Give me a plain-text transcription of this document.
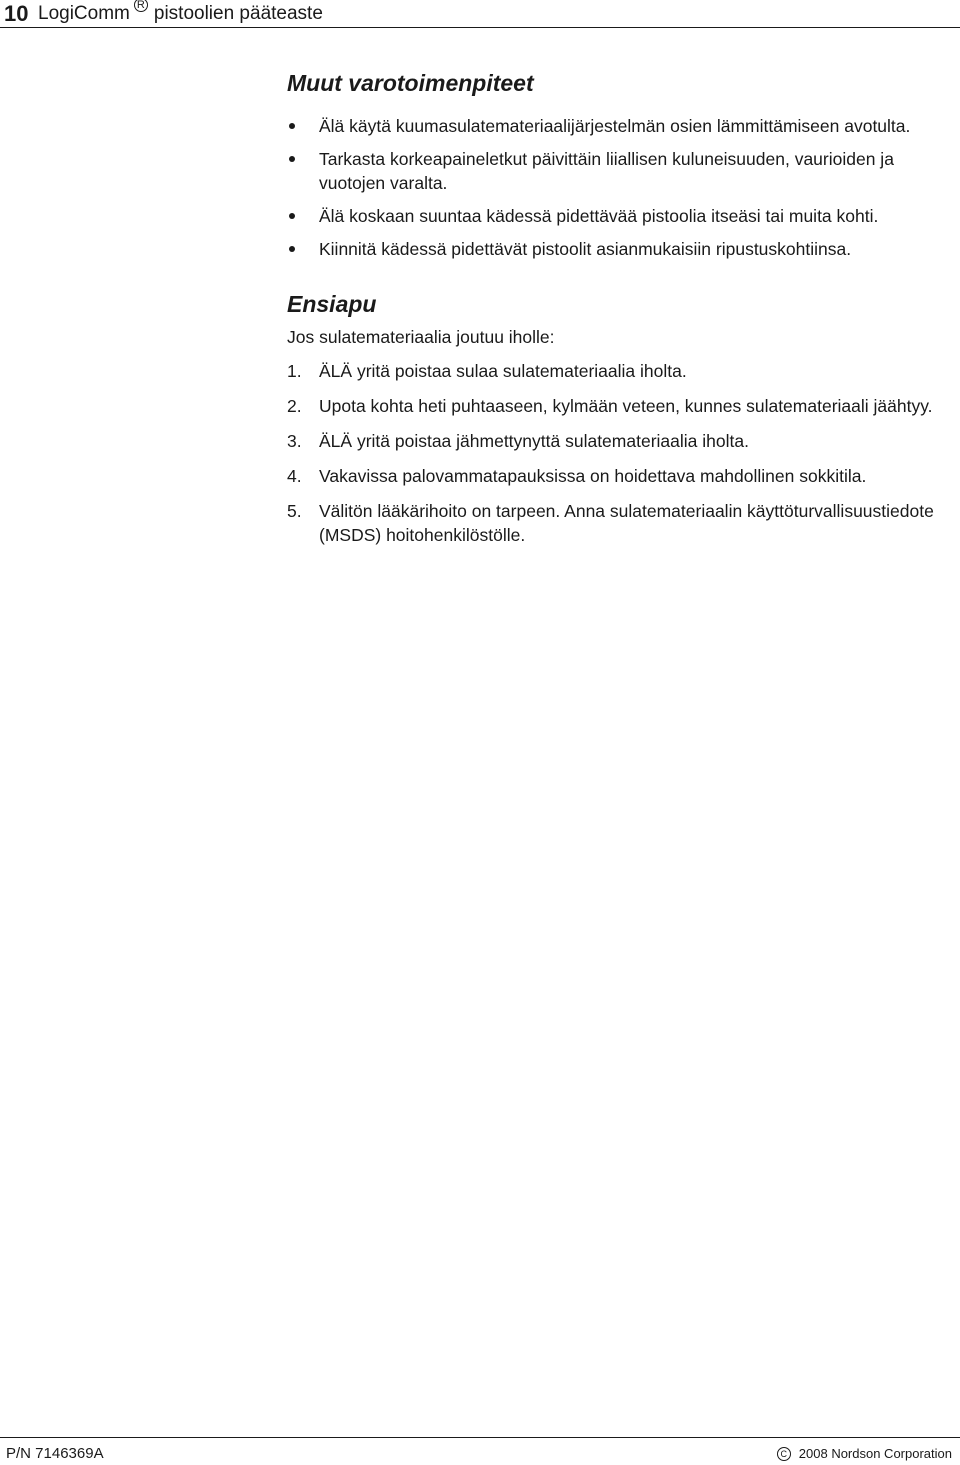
10 LogiComm $^R$ pistoolien pääteaste
Muut varotoimenpiteet
Älä käytä kuumasulatemateriaalijärjestelmän osien lämmittämiseen avotulta.
Tarkasta korkeapaineletkut päivittäin liiallisen kuluneisuuden, vaurioiden ja vuotojen varalta.
Älä koskaan suuntaa kädessä pidettävää pistoolia itseäsi tai muita kohti.
Kiinnitä kädessä pidettävät pistoolit asianmukaisiin ripustuskohtiinsa.
Ensiapu

Jos sulatemateriaalia joutuu iholle:

1. ÄLÄ yritä poistaa sulaa sulatemateriaalia iholta.
2. Upota kohta heti puhtaaseen, kylmään veteen, kunnes sulatemateriaali jäähtyy.
3. ÄLÄ yritä poistaa jähmettynyttä sulatemateriaalia iholta.
4. Vakavissa palovammatapauksissa on hoidettava mahdollinen sokkitila.
5. Välitön lääkärihoito on tarpeen. Anna sulatemateriaalin käyttöturvallisuustiedote (MSDS) hoitohenkilöstölle.
P/N 7146369A	C 2008 Nordson Corporation
